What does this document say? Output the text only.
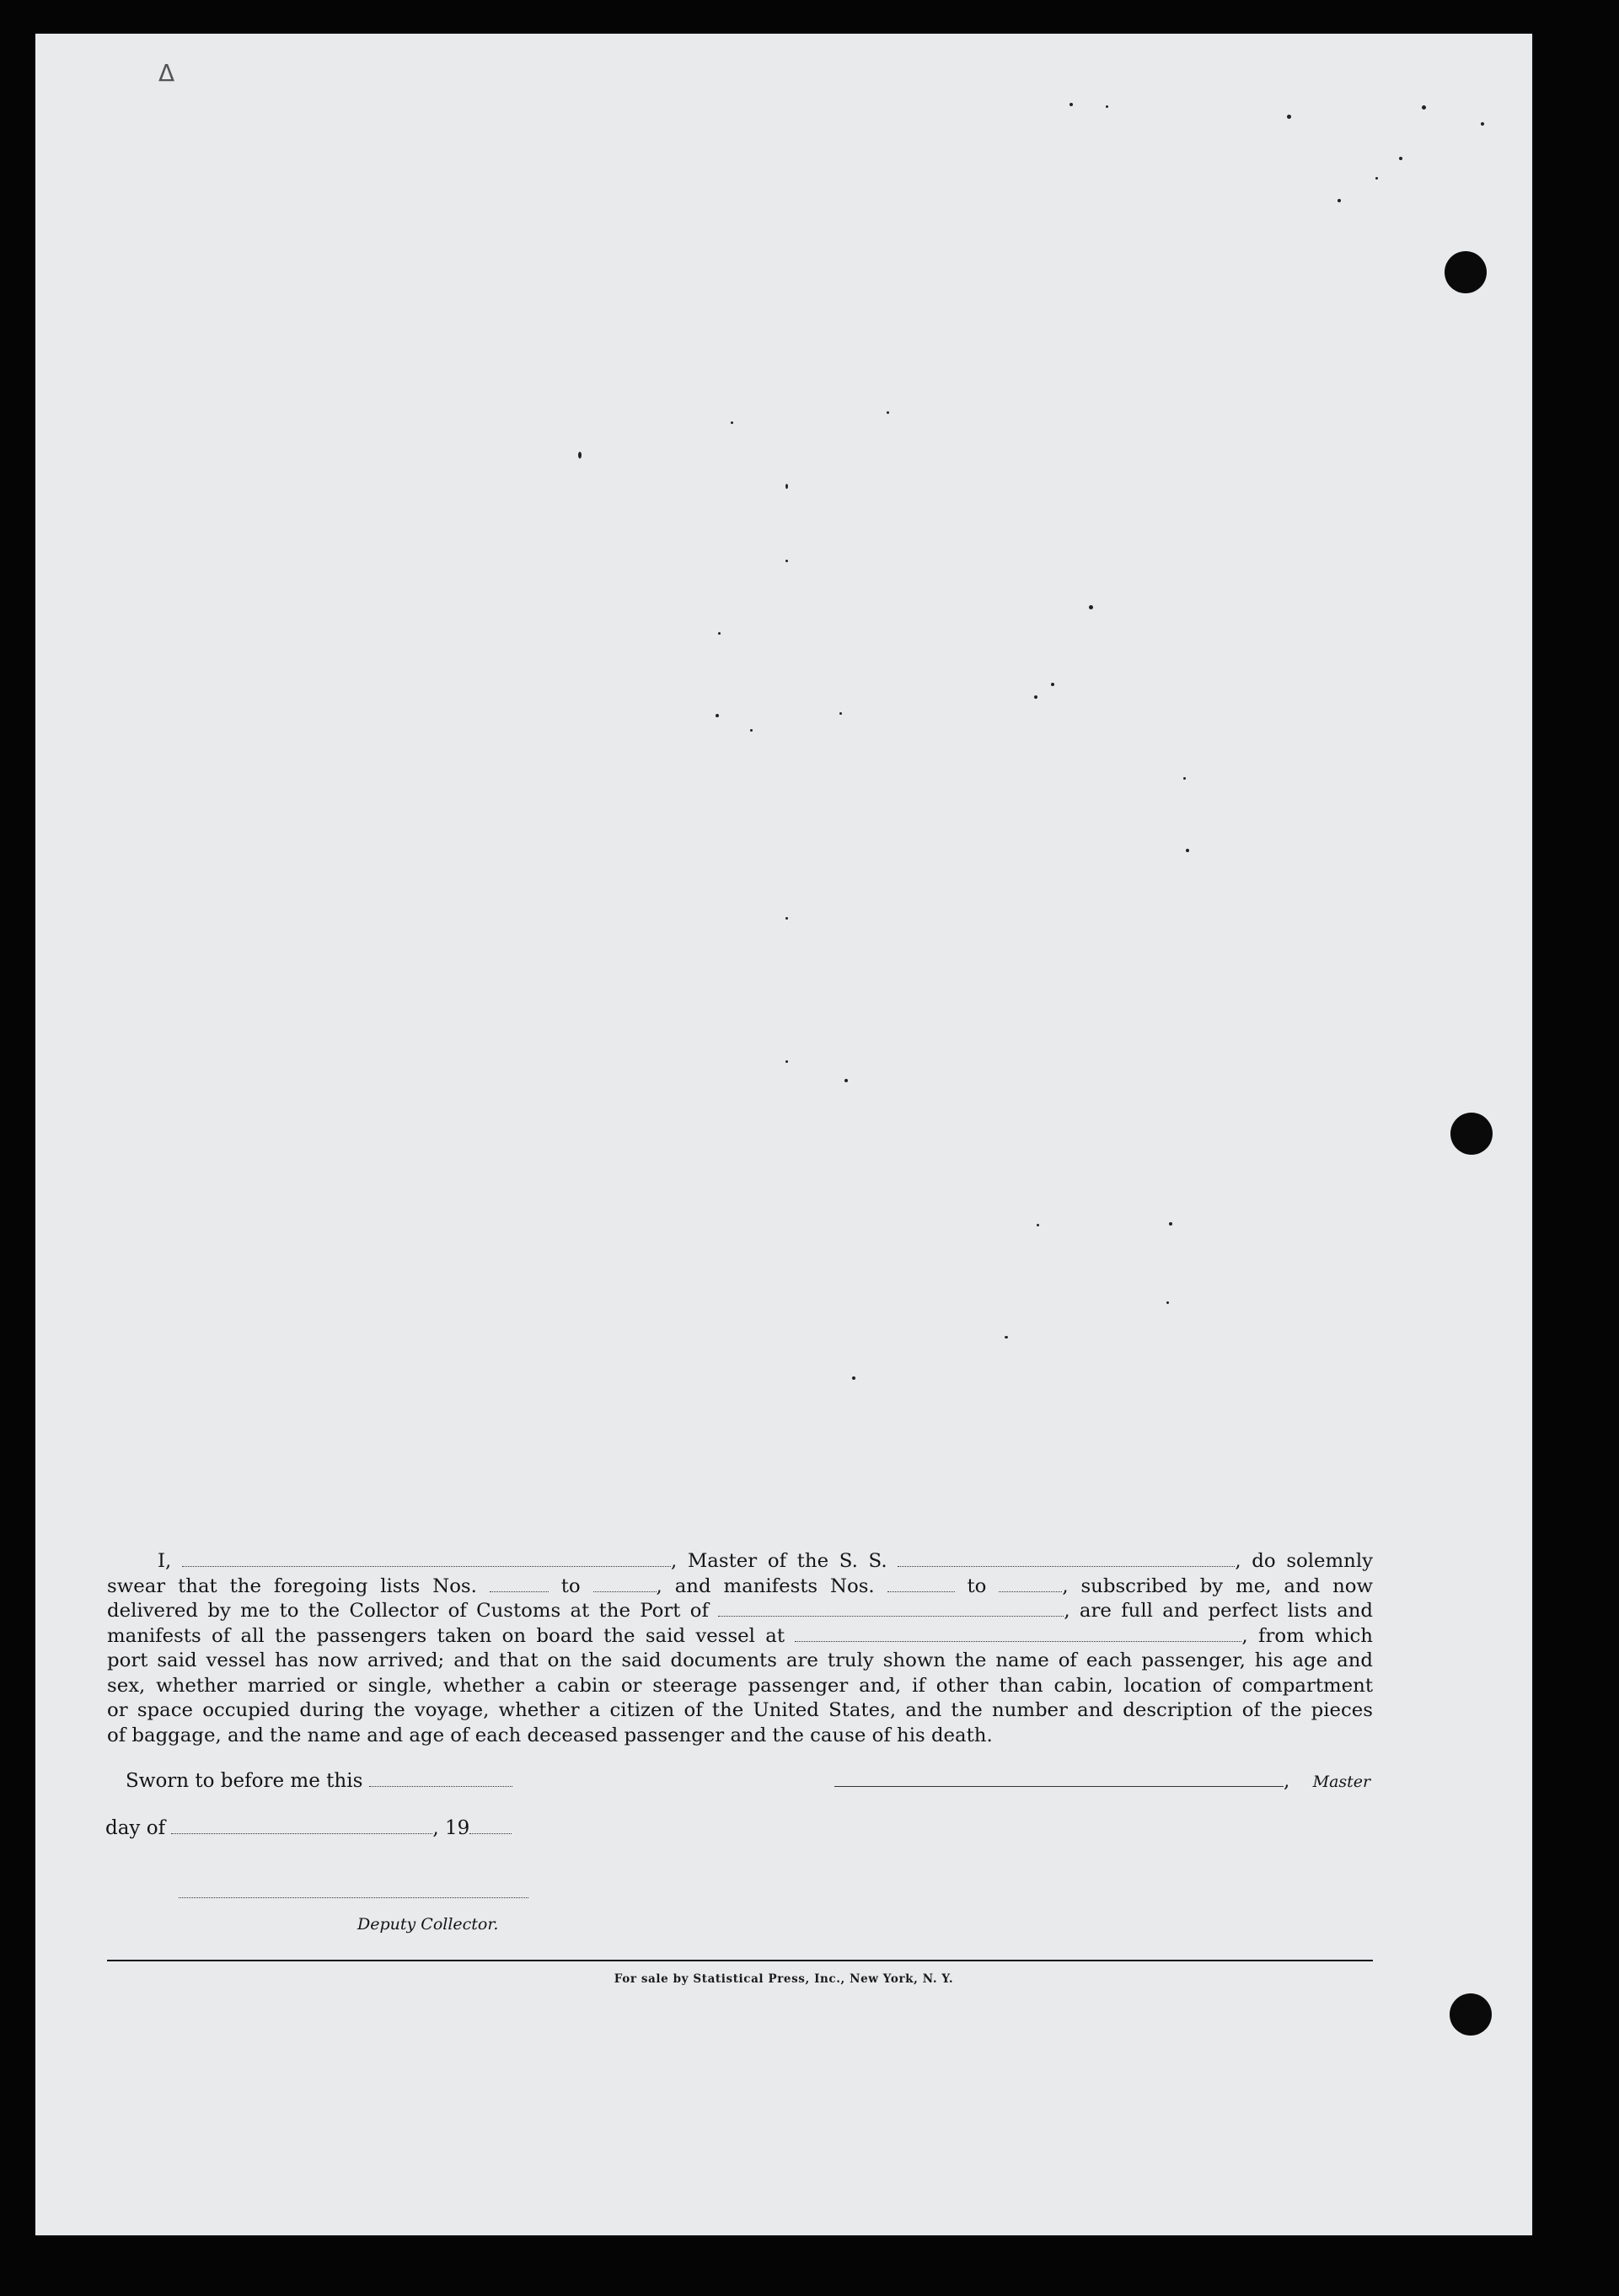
Δ
I,	, Master of the S. S.	, do solemnly
swear that the foregoing lists Nos.	to	, and manifests Nos.	to	, subscribed by me, and now
delivered by me to the Collector of Customs at the Port of	, are full and perfect lists and
manifests of all the passengers taken on board the said vessel at	, from which
port said vessel has now arrived; and that on the said documents are truly shown the name of each passenger, his age and
sex, whether married or single, whether a cabin or steerage passenger and, if other than cabin, location of compartment
or space occupied during the voyage, whether a citizen of the United States, and the number and description of the pieces
of baggage, and the name and age of each deceased passenger and the cause of his death.
Sworn to before me this	, Master
day of	, 19
Deputy Collector.
For sale by Statistical Press, Inc., New York, N. Y.
